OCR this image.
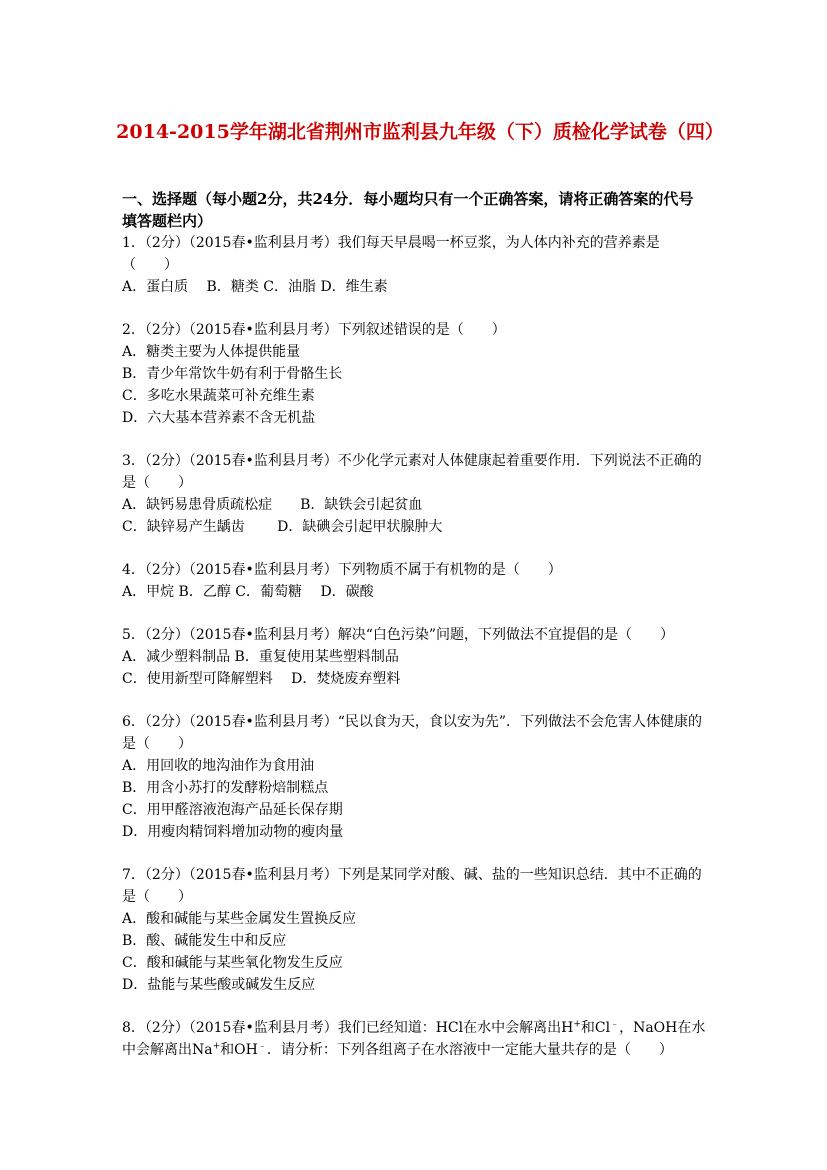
2014-2015学年湖北省荆州市监利县九年级（下）质检化学试卷（四）
一、选择题（每小题2分，共24分．每小题均只有一个正确答案，请将正确答案的代号填答题栏内）
1．（2分）（2015春•监利县月考）我们每天早晨喝一杯豆浆，为人体内补充的营养素是（　　）
A．蛋白质　 B．糖类 C．油脂 D．维生素
2．（2分）（2015春•监利县月考）下列叙述错误的是（　　）
A．糖类主要为人体提供能量
B．青少年常饮牛奶有利于骨骼生长
C．多吃水果蔬菜可补充维生素
D．六大基本营养素不含无机盐
3．（2分）（2015春•监利县月考）不少化学元素对人体健康起着重要作用．下列说法不正确的是（　　）
A．缺钙易患骨质疏松症　　B．缺铁会引起贫血
C．缺锌易产生龋齿　　 D．缺碘会引起甲状腺肿大
4．（2分）（2015春•监利县月考）下列物质不属于有机物的是（　　）
A．甲烷 B．乙醇 C．葡萄糖　 D．碳酸
5．（2分）（2015春•监利县月考）解决“白色污染”问题，下列做法不宜提倡的是（　　）
A．减少塑料制品 B．重复使用某些塑料制品
C．使用新型可降解塑料　 D．焚烧废弃塑料
6．（2分）（2015春•监利县月考）“民以食为天，食以安为先”．下列做法不会危害人体健康的是（　　）
A．用回收的地沟油作为食用油
B．用含小苏打的发酵粉焙制糕点
C．用甲醛溶液泡海产品延长保存期
D．用瘦肉精饲料增加动物的瘦肉量
7．（2分）（2015春•监利县月考）下列是某同学对酸、碱、盐的一些知识总结．其中不正确的是（　　）
A．酸和碱能与某些金属发生置换反应
B．酸、碱能发生中和反应
C．酸和碱能与某些氧化物发生反应
D．盐能与某些酸或碱发生反应
8．（2分）（2015春•监利县月考）我们已经知道：HCl在水中会解离出H+和Cl﹣，NaOH在水中会解离出Na+和OH﹣．请分析：下列各组离子在水溶液中一定能大量共存的是（　　）
